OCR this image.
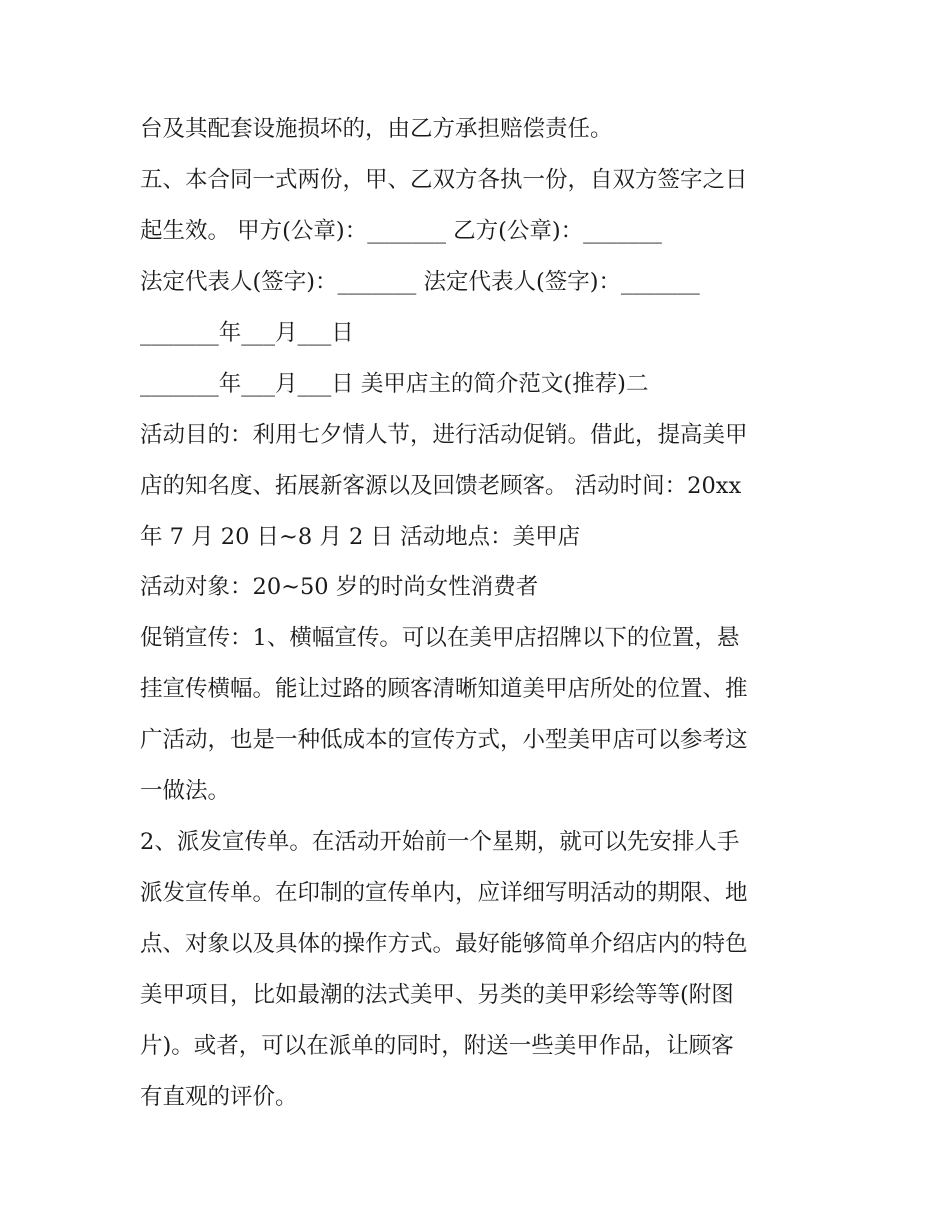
台及其配套设施损坏的，由乙方承担赔偿责任。
五、本合同一式两份，甲、乙双方各执一份，自双方签字之日
起生效。 甲方(公章)：_______ 乙方(公章)：_______
法定代表人(签字)：_______ 法定代表人(签字)：_______
_______年___月___日
_______年___月___日 美甲店主的简介范文(推荐)二
活动目的：利用七夕情人节，进行活动促销。借此，提高美甲
店的知名度、拓展新客源以及回馈老顾客。 活动时间：20xx
年 7 月 20 日~8 月 2 日 活动地点：美甲店
活动对象：20~50 岁的时尚女性消费者
促销宣传：1、横幅宣传。可以在美甲店招牌以下的位置，悬
挂宣传横幅。能让过路的顾客清晰知道美甲店所处的位置、推
广活动，也是一种低成本的宣传方式，小型美甲店可以参考这
一做法。
2、派发宣传单。在活动开始前一个星期，就可以先安排人手
派发宣传单。在印制的宣传单内，应详细写明活动的期限、地
点、对象以及具体的操作方式。最好能够简单介绍店内的特色
美甲项目，比如最潮的法式美甲、另类的美甲彩绘等等(附图
片)。或者，可以在派单的同时，附送一些美甲作品，让顾客
有直观的评价。
